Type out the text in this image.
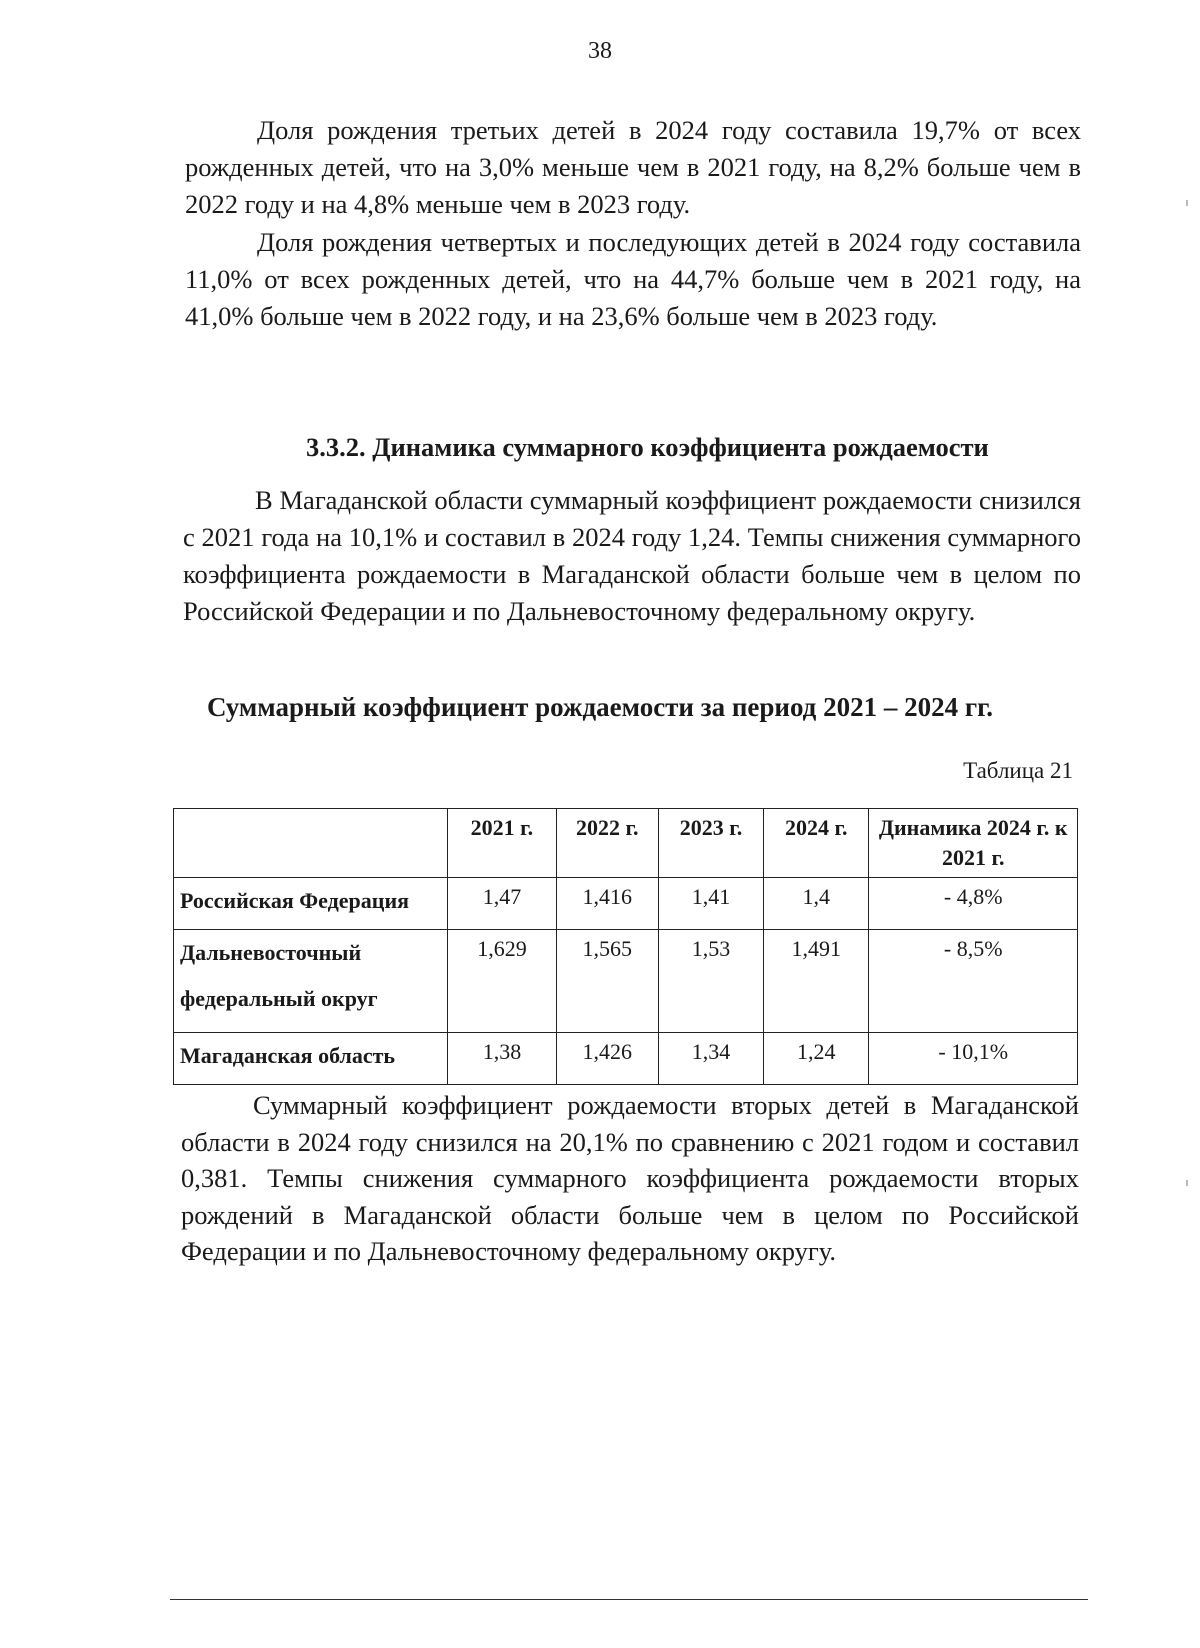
38

Доля рождения третьих детей в 2024 году составила 19,7% от всех рожденных детей, что на 3,0% меньше чем в 2021 году, на 8,2% больше чем в 2022 году и на 4,8% меньше чем в 2023 году.

Доля рождения четвертых и последующих детей в 2024 году составила 11,0% от всех рожденных детей, что на 44,7% больше чем в 2021 году, на 41,0% больше чем в 2022 году, и на 23,6% больше чем в 2023 году.

3.3.2. Динамика суммарного коэффициента рождаемости

В Магаданской области суммарный коэффициент рождаемости снизился с 2021 года на 10,1% и составил в 2024 году 1,24. Темпы снижения суммарного коэффициента рождаемости в Магаданской области больше чем в целом по Российской Федерации и по Дальневосточному федеральному округу.

Суммарный коэффициент рождаемости за период 2021 – 2024 гг.
Таблица 21
	2021 г.	2022 г.	2023 г.	2024 г.	Динамика 2024 г. к 2021 г.
Российская Федерация	1,47	1,416	1,41	1,4	- 4,8%
Дальневосточный федеральный округ	1,629	1,565	1,53	1,491	- 8,5%
Магаданская область	1,38	1,426	1,34	1,24	- 10,1%

Суммарный коэффициент рождаемости вторых детей в Магаданской области в 2024 году снизился на 20,1% по сравнению с 2021 годом и составил 0,381. Темпы снижения суммарного коэффициента рождаемости вторых рождений в Магаданской области больше чем в целом по Российской Федерации и по Дальневосточному федеральному округу.
